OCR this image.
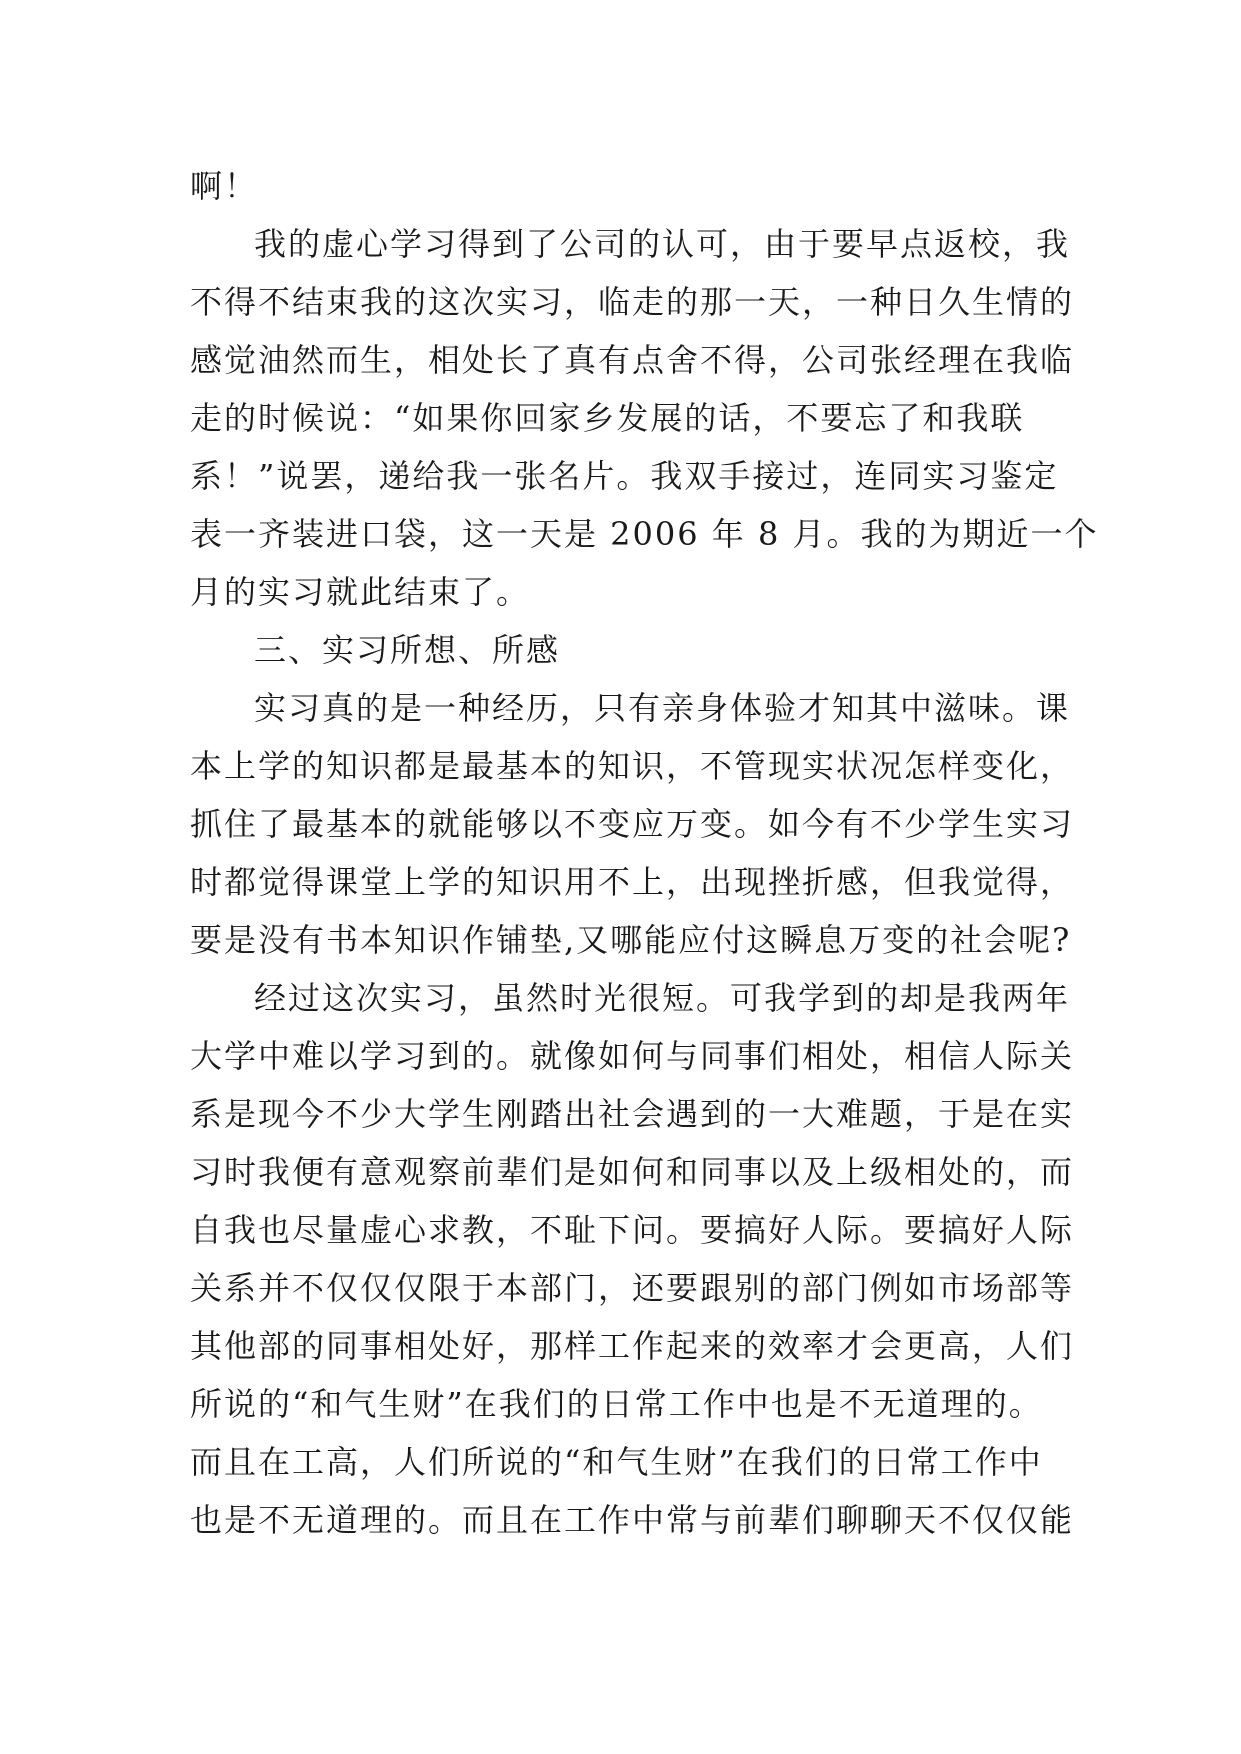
啊！
我的虚心学习得到了公司的认可，由于要早点返校，我
不得不结束我的这次实习，临走的那一天，一种日久生情的
感觉油然而生，相处长了真有点舍不得，公司张经理在我临
走的时候说：“如果你回家乡发展的话，不要忘了和我联
系！”说罢，递给我一张名片。我双手接过，连同实习鉴定
表一齐装进口袋，这一天是 2006 年 8 月。我的为期近一个
月的实习就此结束了。
三、实习所想、所感
实习真的是一种经历，只有亲身体验才知其中滋味。课
本上学的知识都是最基本的知识，不管现实状况怎样变化，
抓住了最基本的就能够以不变应万变。如今有不少学生实习
时都觉得课堂上学的知识用不上，出现挫折感，但我觉得，
要是没有书本知识作铺垫,又哪能应付这瞬息万变的社会呢?
经过这次实习，虽然时光很短。可我学到的却是我两年
大学中难以学习到的。就像如何与同事们相处，相信人际关
系是现今不少大学生刚踏出社会遇到的一大难题，于是在实
习时我便有意观察前辈们是如何和同事以及上级相处的，而
自我也尽量虚心求教，不耻下问。要搞好人际。要搞好人际
关系并不仅仅仅限于本部门，还要跟别的部门例如市场部等
其他部的同事相处好，那样工作起来的效率才会更高，人们
所说的“和气生财”在我们的日常工作中也是不无道理的。
而且在工高，人们所说的“和气生财”在我们的日常工作中
也是不无道理的。而且在工作中常与前辈们聊聊天不仅仅能
